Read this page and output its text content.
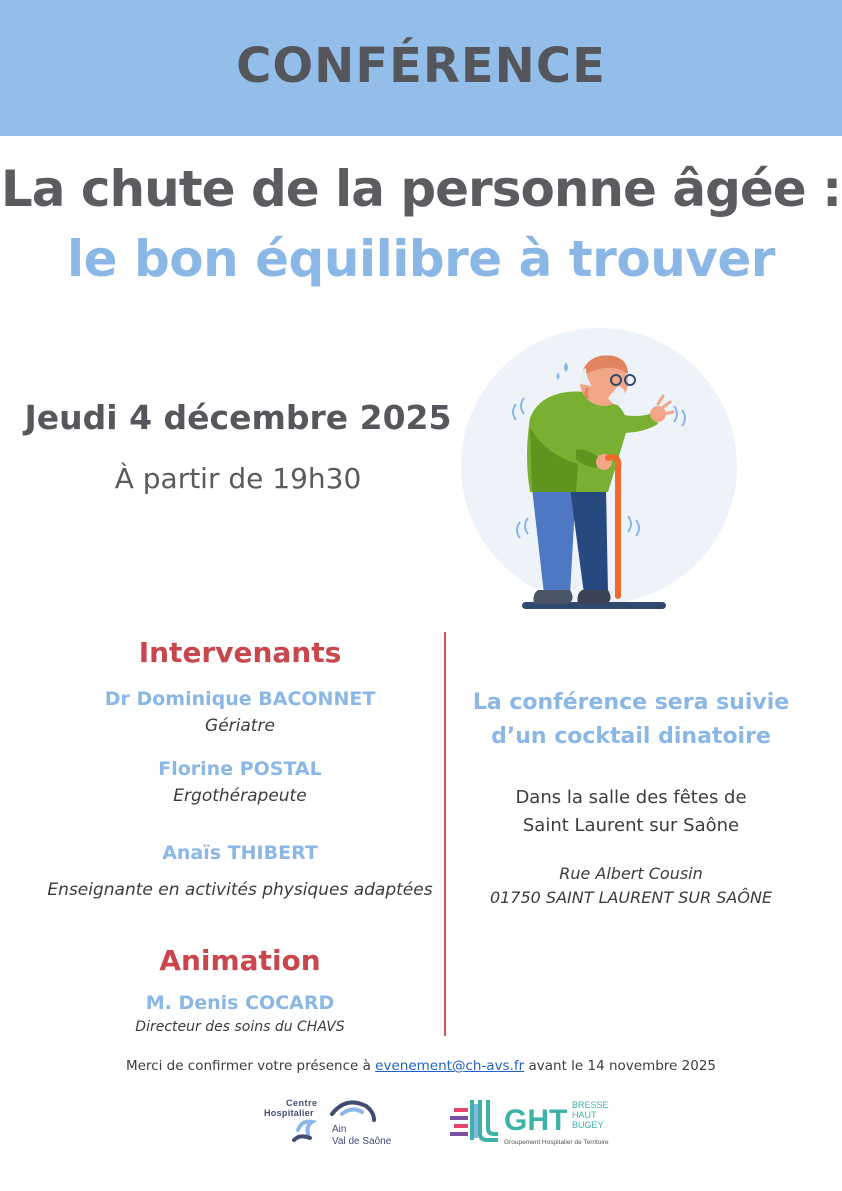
CONFÉRENCE
La chute de la personne âgée :
le bon équilibre à trouver
Jeudi 4 décembre 2025
À partir de 19h30
Intervenants
Dr Dominique BACONNET
Gériatre
Florine POSTAL
Ergothérapeute
Anaïs THIBERT
Enseignante en activités physiques adaptées
Animation
M. Denis COCARD
Directeur des soins du CHAVS
La conférence sera suivie
d’un cocktail dinatoire
Dans la salle des fêtes de
Saint Laurent sur Saône
Rue Albert Cousin
01750 SAINT LAURENT SUR SAÔNE
Merci de confirmer votre présence à evenement@ch-avs.fr avant le 14 novembre 2025
Centre
Hospitalier
Ain
Val de Saône
GHT BRESSE
HAUT
BUGEY
Groupement Hospitalier de Territoire
